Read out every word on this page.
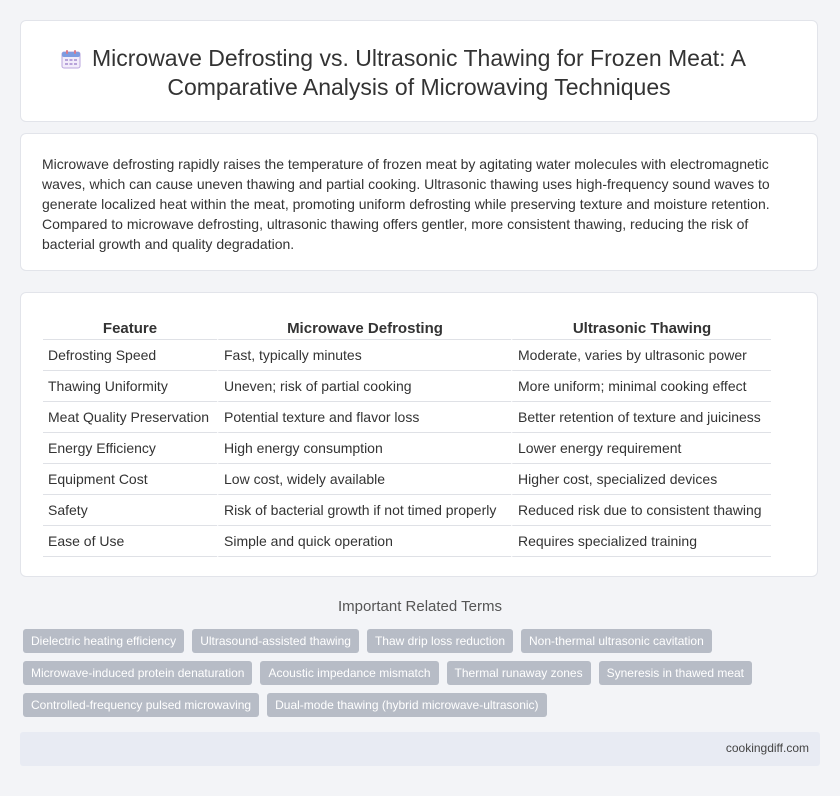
Microwave Defrosting vs. Ultrasonic Thawing for Frozen Meat: A
Comparative Analysis of Microwaving Techniques

Microwave defrosting rapidly raises the temperature of frozen meat by agitating water molecules with electromagnetic waves, which can cause uneven thawing and partial cooking. Ultrasonic thawing uses high-frequency sound waves to generate localized heat within the meat, promoting uniform defrosting while preserving texture and moisture retention. Compared to microwave defrosting, ultrasonic thawing offers gentler, more consistent thawing, reducing the risk of bacterial growth and quality degradation.

Feature	Microwave Defrosting	Ultrasonic Thawing
Defrosting Speed	Fast, typically minutes	Moderate, varies by ultrasonic power
Thawing Uniformity	Uneven; risk of partial cooking	More uniform; minimal cooking effect
Meat Quality Preservation	Potential texture and flavor loss	Better retention of texture and juiciness
Energy Efficiency	High energy consumption	Lower energy requirement
Equipment Cost	Low cost, widely available	Higher cost, specialized devices
Safety	Risk of bacterial growth if not timed properly	Reduced risk due to consistent thawing
Ease of Use	Simple and quick operation	Requires specialized training
Important Related Terms
Dielectric heating efficiency	Ultrasound-assisted thawing	Thaw drip loss reduction	Non-thermal ultrasonic cavitation
Microwave-induced protein denaturation	Acoustic impedance mismatch	Thermal runaway zones	Syneresis in thawed meat
Controlled-frequency pulsed microwaving	Dual-mode thawing (hybrid microwave-ultrasonic)
cookingdiff.com
